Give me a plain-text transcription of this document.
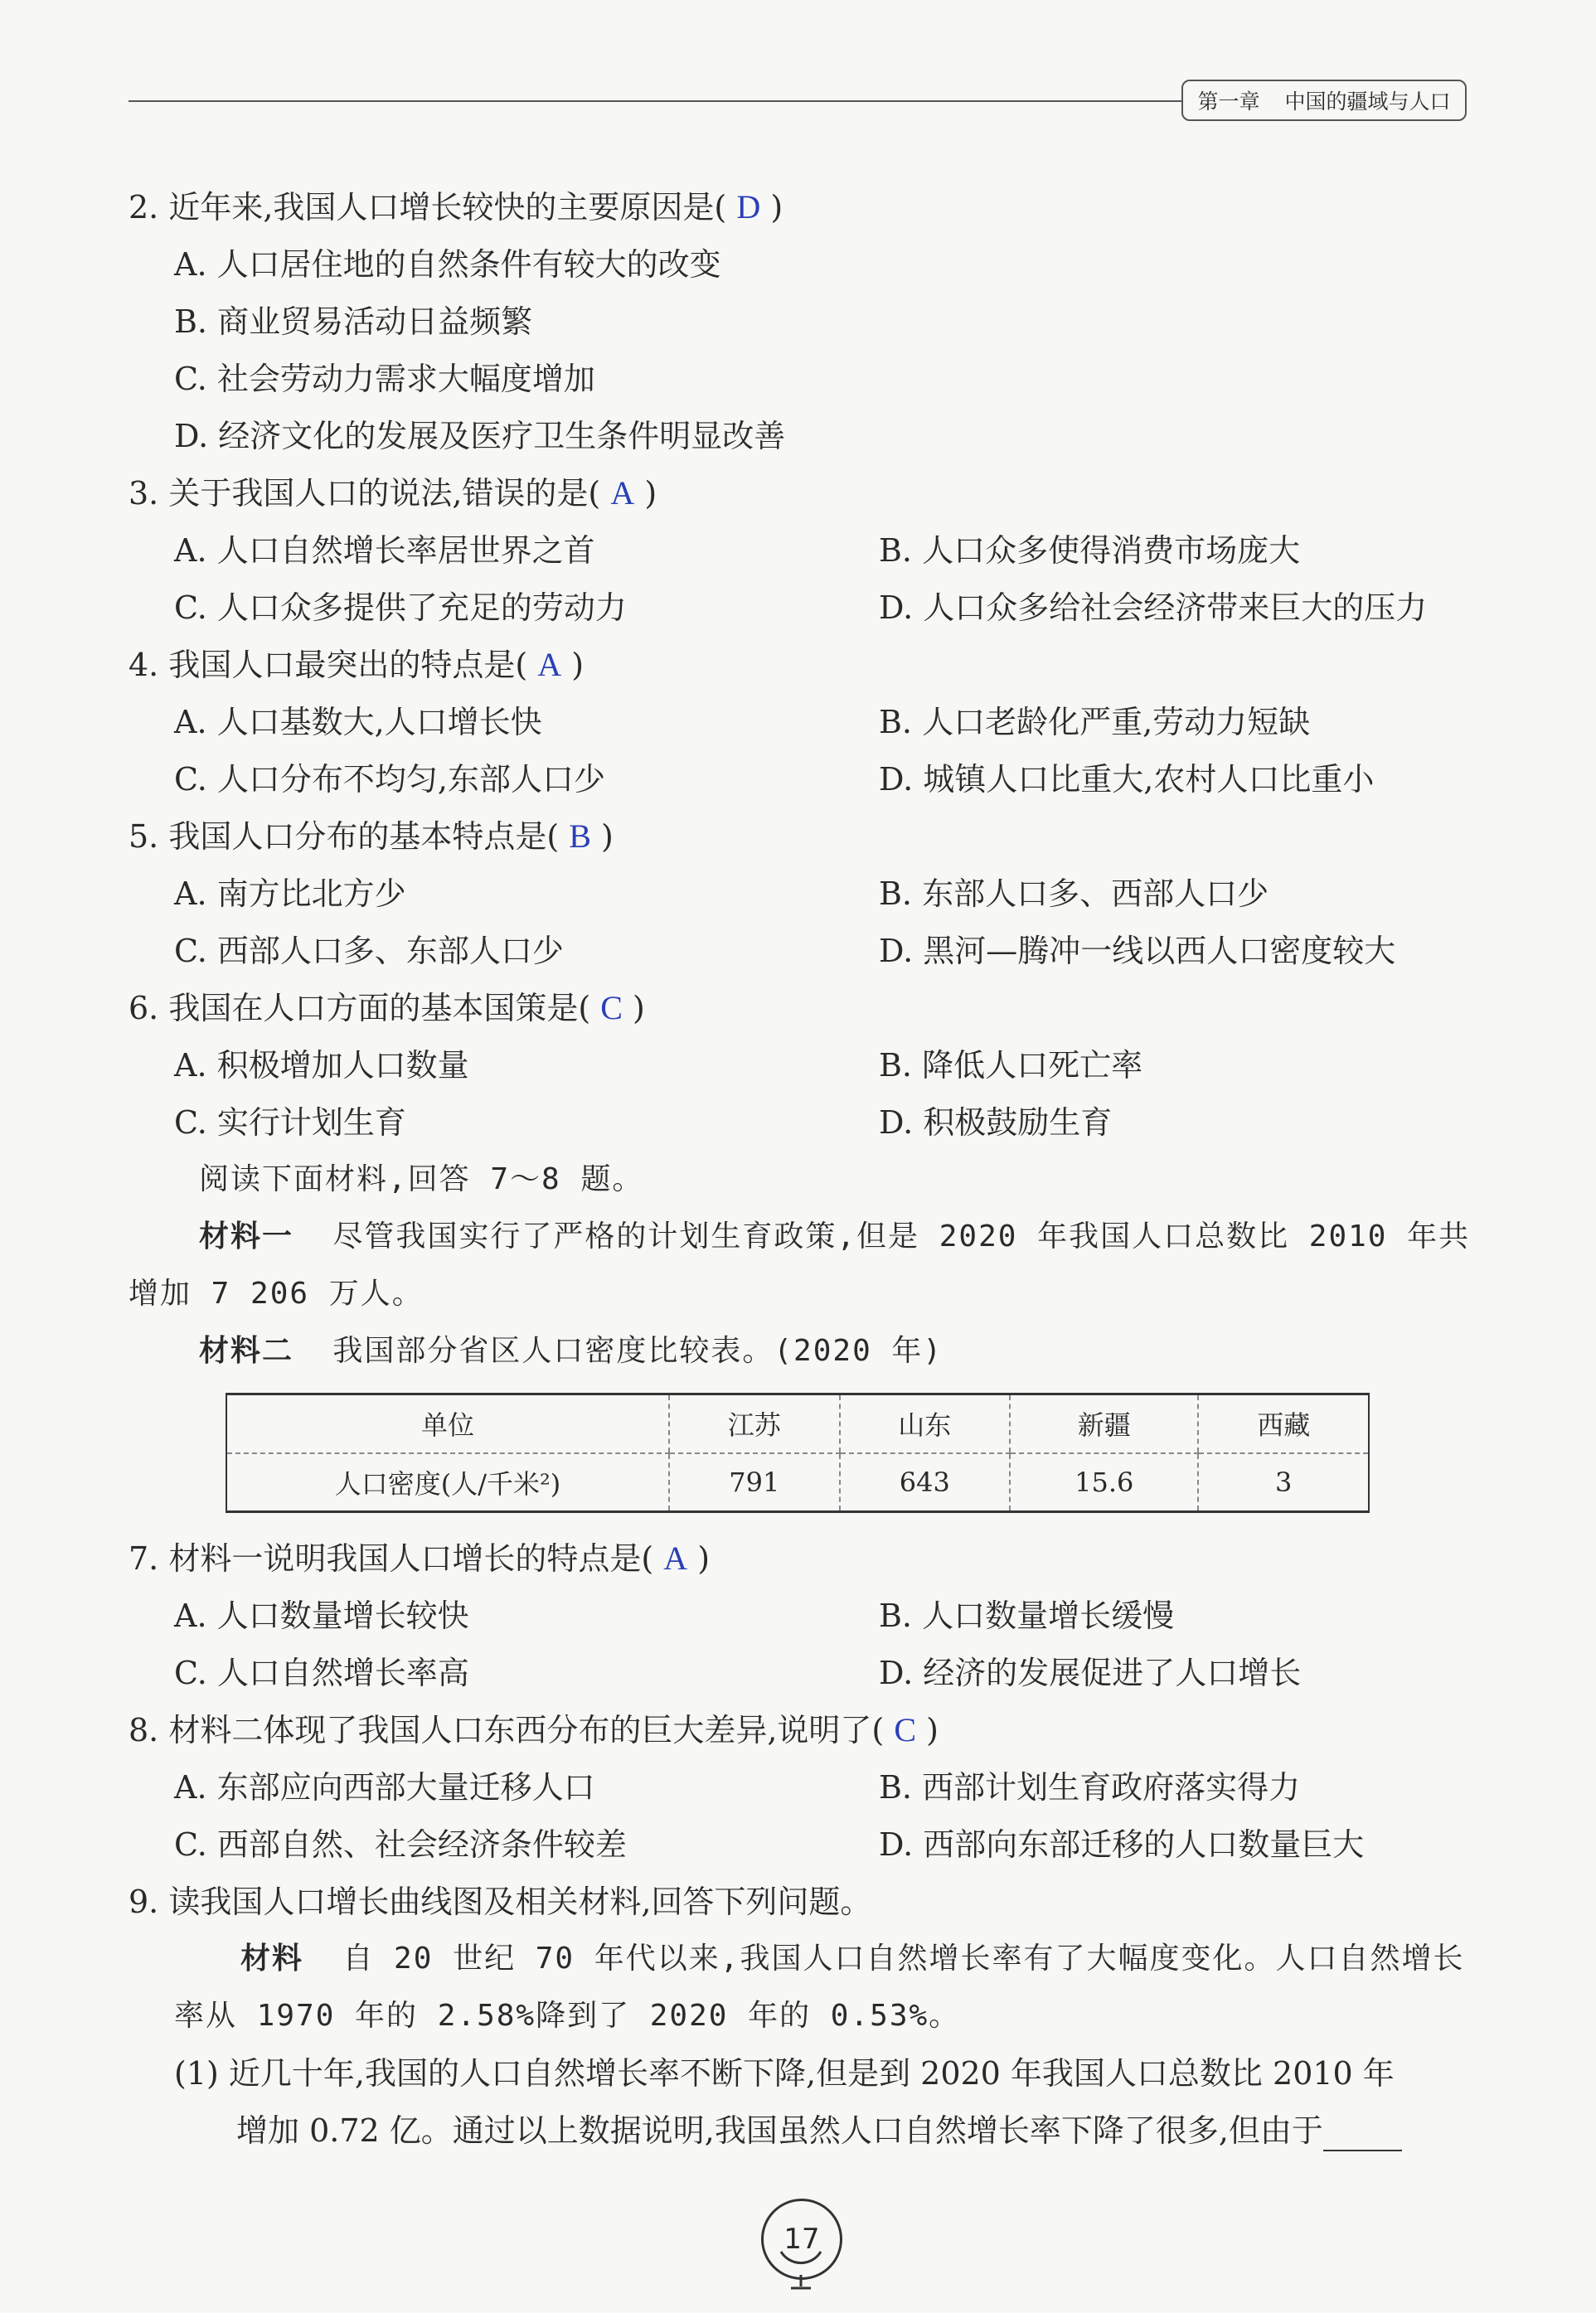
第一章 中国的疆域与人口
2. 近年来,我国人口增长较快的主要原因是( D )
A. 人口居住地的自然条件有较大的改变
B. 商业贸易活动日益频繁
C. 社会劳动力需求大幅度增加
D. 经济文化的发展及医疗卫生条件明显改善
3. 关于我国人口的说法,错误的是( A )
A. 人口自然增长率居世界之首	B. 人口众多使得消费市场庞大
C. 人口众多提供了充足的劳动力	D. 人口众多给社会经济带来巨大的压力
4. 我国人口最突出的特点是( A )
A. 人口基数大,人口增长快	B. 人口老龄化严重,劳动力短缺
C. 人口分布不均匀,东部人口少	D. 城镇人口比重大,农村人口比重小
5. 我国人口分布的基本特点是( B )
A. 南方比北方少	B. 东部人口多、西部人口少
C. 西部人口多、东部人口少	D. 黑河—腾冲一线以西人口密度较大
6. 我国在人口方面的基本国策是( C )
A. 积极增加人口数量	B. 降低人口死亡率
C. 实行计划生育	D. 积极鼓励生育
阅读下面材料,回答 7～8 题。
材料一 尽管我国实行了严格的计划生育政策,但是 2020 年我国人口总数比 2010 年共
增加 7 206 万人。
材料二 我国部分省区人口密度比较表。(2020 年)
单位	江苏	山东	新疆	西藏
人口密度(人/千米²)	791	643	15.6	3
7. 材料一说明我国人口增长的特点是( A )
A. 人口数量增长较快	B. 人口数量增长缓慢
C. 人口自然增长率高	D. 经济的发展促进了人口增长
8. 材料二体现了我国人口东西分布的巨大差异,说明了( C )
A. 东部应向西部大量迁移人口	B. 西部计划生育政府落实得力
C. 西部自然、社会经济条件较差	D. 西部向东部迁移的人口数量巨大
9. 读我国人口增长曲线图及相关材料,回答下列问题。
材料 自 20 世纪 70 年代以来,我国人口自然增长率有了大幅度变化。人口自然增长
率从 1970 年的 2.58%降到了 2020 年的 0.53%。
(1) 近几十年,我国的人口自然增长率不断下降,但是到 2020 年我国人口总数比 2010 年
增加 0.72 亿。通过以上数据说明,我国虽然人口自然增长率下降了很多,但由于
17
